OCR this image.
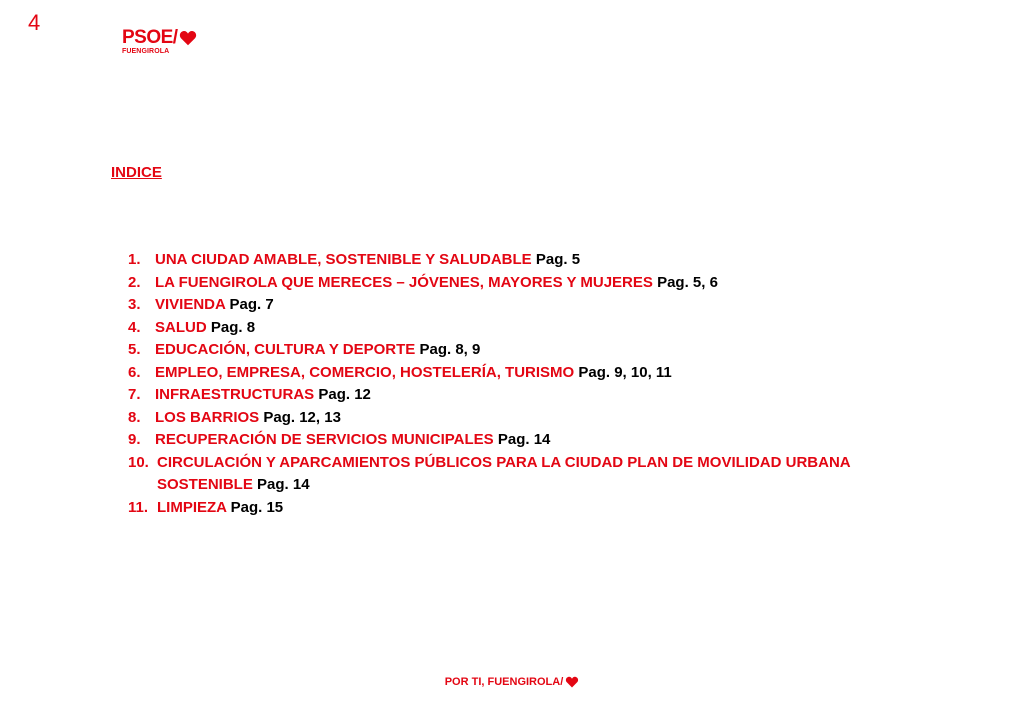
4
PSOE/
FUENGIROLA
INDICE
1. UNA CIUDAD AMABLE, SOSTENIBLE Y SALUDABLE Pag. 5
2. LA FUENGIROLA QUE MERECES – JÓVENES, MAYORES Y MUJERES Pag. 5, 6
3. VIVIENDA Pag. 7
4. SALUD Pag. 8
5. EDUCACIÓN, CULTURA Y DEPORTE Pag. 8, 9
6. EMPLEO, EMPRESA, COMERCIO, HOSTELERÍA, TURISMO Pag. 9, 10, 11
7. INFRAESTRUCTURAS Pag. 12
8. LOS BARRIOS Pag. 12, 13
9. RECUPERACIÓN DE SERVICIOS MUNICIPALES Pag. 14
10. CIRCULACIÓN Y APARCAMIENTOS PÚBLICOS PARA LA CIUDAD PLAN DE MOVILIDAD URBANA SOSTENIBLE Pag. 14
11. LIMPIEZA Pag. 15
POR TI, FUENGIROLA/
